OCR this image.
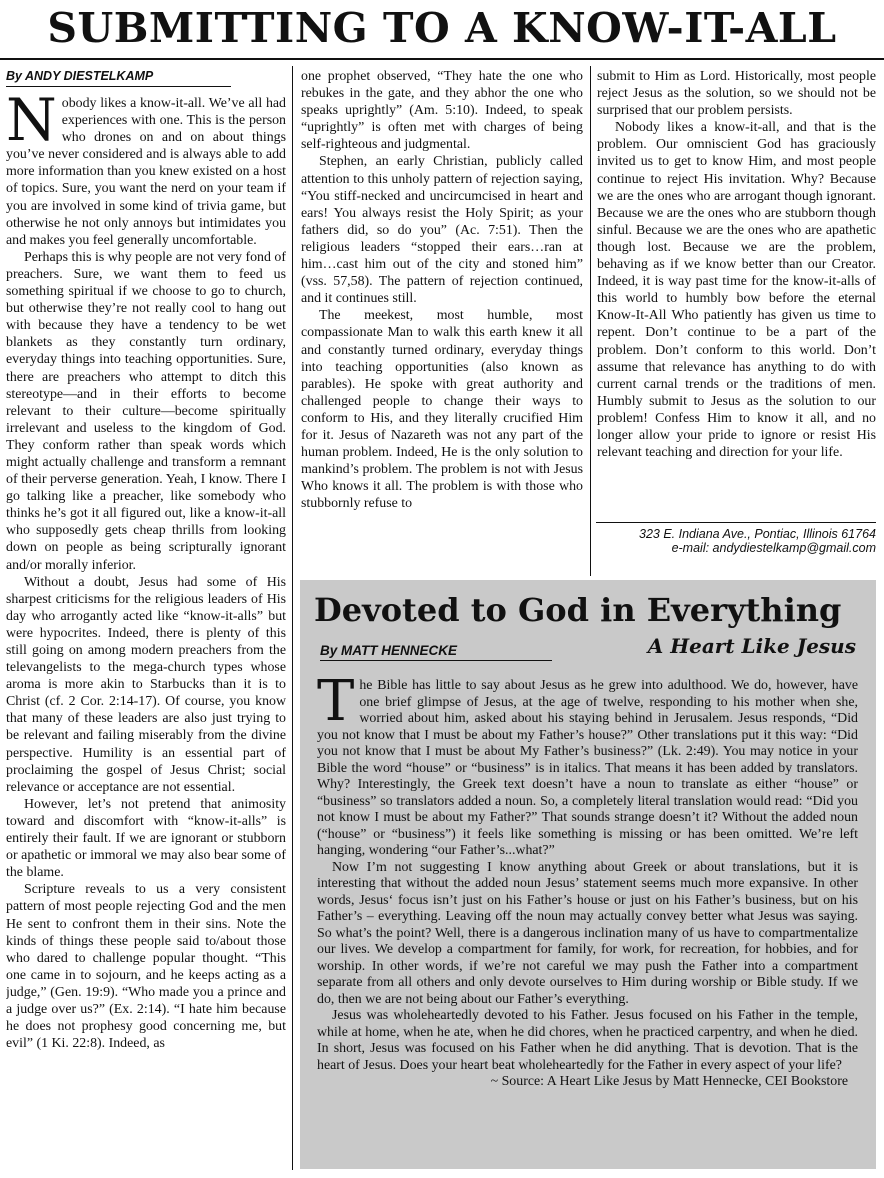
SUBMITTING TO A KNOW-IT-ALL
By ANDY DIESTELKAMP

Nobody likes a know-it-all. We’ve all had experiences with one. This is the person who drones on and on about things you’ve never considered and is always able to add more information than you knew existed on a host of topics. Sure, you want the nerd on your team if you are involved in some kind of trivia game, but otherwise he not only annoys but intimidates you and makes you feel generally uncomfortable.

Perhaps this is why people are not very fond of preachers. Sure, we want them to feed us something spiritual if we choose to go to church, but otherwise they’re not really cool to hang out with because they have a tendency to be wet blankets as they constantly turn ordinary, everyday things into teaching opportunities. Sure, there are preachers who attempt to ditch this stereotype—and in their efforts to become relevant to their culture—become spiritually irrelevant and useless to the kingdom of God. They conform rather than speak words which might actually challenge and transform a remnant of their perverse generation. Yeah, I know. There I go talking like a preacher, like somebody who thinks he’s got it all figured out, like a know-it-all who supposedly gets cheap thrills from looking down on people as being scripturally ignorant and/or morally inferior.

Without a doubt, Jesus had some of His sharpest criticisms for the religious leaders of His day who arrogantly acted like “know-it-alls” but were hypocrites. Indeed, there is plenty of this still going on among modern preachers from the televangelists to the mega-church types whose aroma is more akin to Starbucks than it is to Christ (cf. 2 Cor. 2:14-17). Of course, you know that many of these leaders are also just trying to be relevant and failing miserably from the divine perspective. Humility is an essential part of proclaiming the gospel of Jesus Christ; social relevance or acceptance are not essential.

However, let’s not pretend that animosity toward and discomfort with “know-it-alls” is entirely their fault. If we are ignorant or stubborn or apathetic or immoral we may also bear some of the blame.

Scripture reveals to us a very consistent pattern of most people rejecting God and the men He sent to confront them in their sins. Note the kinds of things these people said to/about those who dared to challenge popular thought. “This one came in to sojourn, and he keeps acting as a judge,” (Gen. 19:9). “Who made you a prince and a judge over us?” (Ex. 2:14). “I hate him because he does not prophesy good concerning me, but evil” (1 Ki. 22:8). Indeed, as

one prophet observed, “They hate the one who rebukes in the gate, and they abhor the one who speaks uprightly” (Am. 5:10). Indeed, to speak “uprightly” is often met with charges of being self-righteous and judgmental.

Stephen, an early Christian, publicly called attention to this unholy pattern of rejection saying, “You stiff-necked and uncircumcised in heart and ears! You always resist the Holy Spirit; as your fathers did, so do you” (Ac. 7:51). Then the religious leaders “stopped their ears…ran at him…cast him out of the city and stoned him” (vss. 57,58). The pattern of rejection continued, and it continues still.

The meekest, most humble, most compassionate Man to walk this earth knew it all and constantly turned ordinary, everyday things into teaching opportunities (also known as parables). He spoke with great authority and challenged people to change their ways to conform to His, and they literally crucified Him for it. Jesus of Nazareth was not any part of the human problem. Indeed, He is the only solution to mankind’s problem. The problem is not with Jesus Who knows it all. The problem is with those who stubbornly refuse to

submit to Him as Lord. Historically, most people reject Jesus as the solution, so we should not be surprised that our problem persists.

Nobody likes a know-it-all, and that is the problem. Our omniscient God has graciously invited us to get to know Him, and most people continue to reject His invitation. Why? Because we are the ones who are arrogant though ignorant. Because we are the ones who are stubborn though sinful. Because we are the ones who are apathetic though lost. Because we are the problem, behaving as if we know better than our Creator. Indeed, it is way past time for the know-it-alls of this world to humbly bow before the eternal Know-It-All Who patiently has given us time to repent. Don’t continue to be a part of the problem. Don’t conform to this world. Don’t assume that relevance has anything to do with current carnal trends or the traditions of men. Humbly submit to Jesus as the solution to our problem! Confess Him to know it all, and no longer allow your pride to ignore or resist His relevant teaching and direction for your life.

323 E. Indiana Ave., Pontiac, Illinois 61764
e-mail: andydiestelkamp@gmail.com
Devoted to God in Everything
By MATT HENNECKE	A Heart Like Jesus

The Bible has little to say about Jesus as he grew into adulthood. We do, however, have one brief glimpse of Jesus, at the age of twelve, responding to his mother when she, worried about him, asked about his staying behind in Jerusalem. Jesus responds, “Did you not know that I must be about my Father’s house?” Other translations put it this way: “Did you not know that I must be about My Father’s business?” (Lk. 2:49). You may notice in your Bible the word “house” or “business” is in italics. That means it has been added by translators. Why? Interestingly, the Greek text doesn’t have a noun to translate as either “house” or “business” so translators added a noun. So, a completely literal translation would read: “Did you not know I must be about my Father?” That sounds strange doesn’t it? Without the added noun (“house” or “business”) it feels like something is missing or has been omitted. We’re left hanging, wondering “our Father’s...what?”

Now I’m not suggesting I know anything about Greek or about translations, but it is interesting that without the added noun Jesus’ statement seems much more expansive. In other words, Jesus‘ focus isn’t just on his Father’s house or just on his Father’s business, but on his Father’s – everything. Leaving off the noun may actually convey better what Jesus was saying. So what’s the point? Well, there is a dangerous inclination many of us have to compartmentalize our lives. We develop a compartment for family, for work, for recreation, for hobbies, and for worship. In other words, if we’re not careful we may push the Father into a compartment separate from all others and only devote ourselves to Him during worship or Bible study. If we do, then we are not being about our Father’s everything.

Jesus was wholeheartedly devoted to his Father. Jesus focused on his Father in the temple, while at home, when he ate, when he did chores, when he practiced carpentry, and when he died. In short, Jesus was focused on his Father when he did anything. That is devotion. That is the heart of Jesus. Does your heart beat wholeheartedly for the Father in every aspect of your life?

~ Source: A Heart Like Jesus by Matt Hennecke, CEI Bookstore
